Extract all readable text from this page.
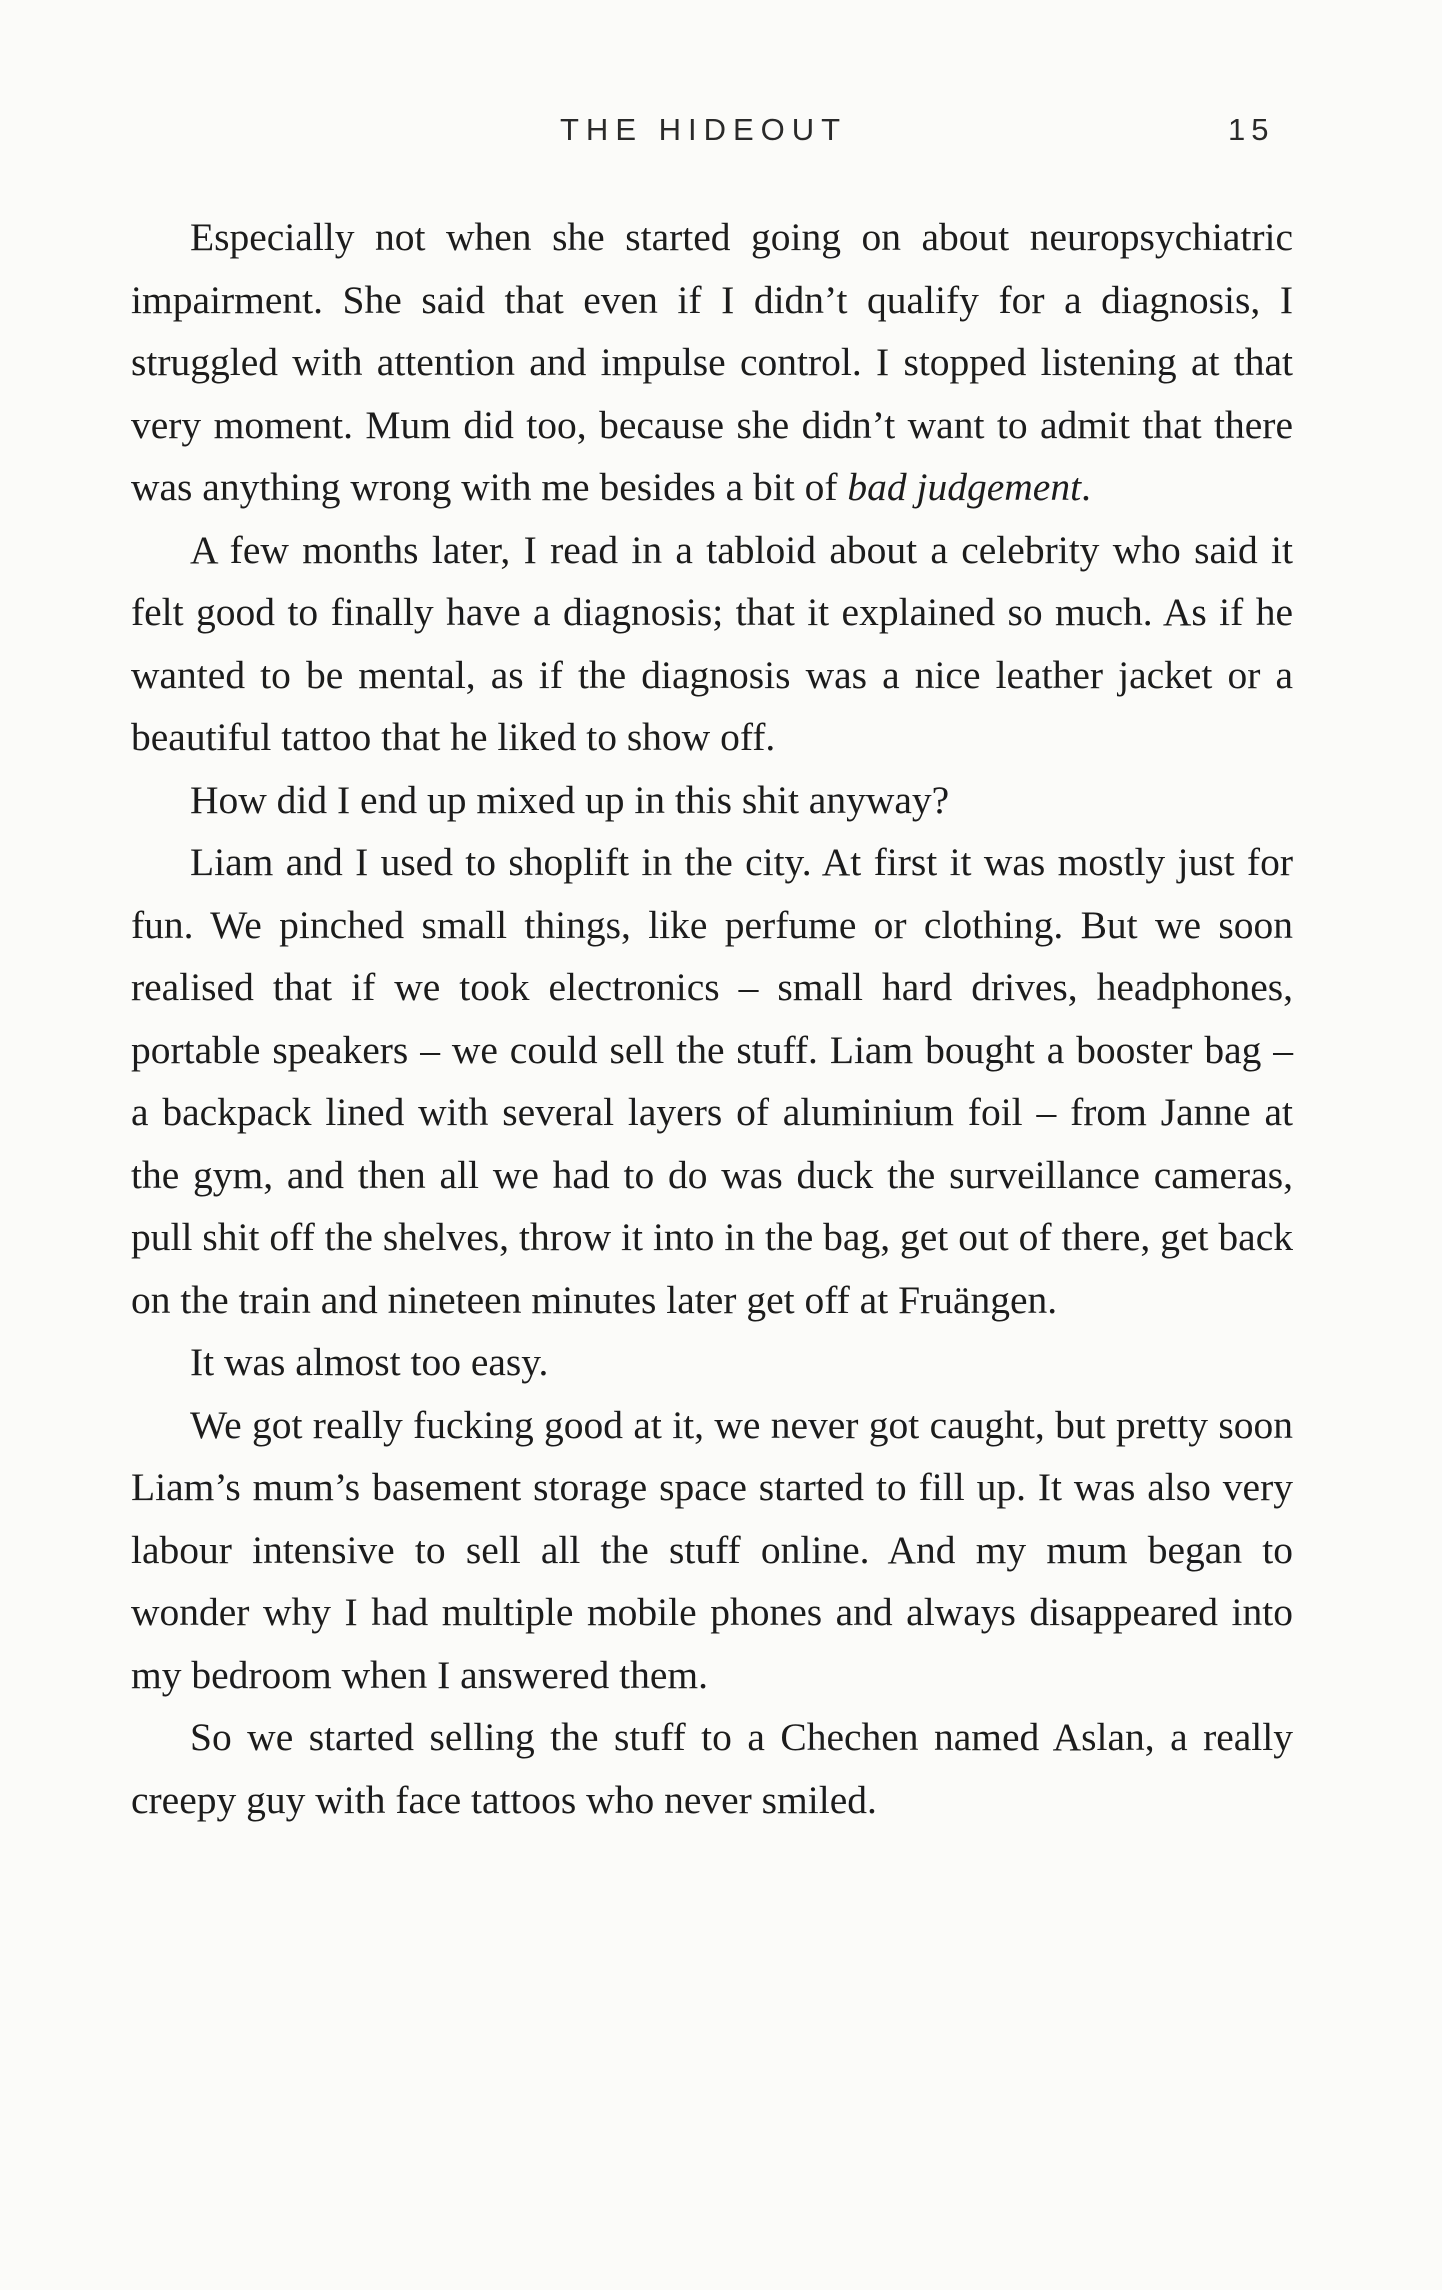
THE HIDEOUT	15

Especially not when she started going on about neuropsychiatric impairment. She said that even if I didn’t qualify for a diagnosis, I struggled with attention and impulse control. I stopped listening at that very moment. Mum did too, because she didn’t want to admit that there was anything wrong with me besides a bit of bad judgement.

A few months later, I read in a tabloid about a celebrity who said it felt good to finally have a diagnosis; that it explained so much. As if he wanted to be mental, as if the diagnosis was a nice leather jacket or a beautiful tattoo that he liked to show off.

How did I end up mixed up in this shit anyway?

Liam and I used to shoplift in the city. At first it was mostly just for fun. We pinched small things, like perfume or clothing. But we soon realised that if we took electronics – small hard drives, headphones, portable speakers – we could sell the stuff. Liam bought a booster bag – a backpack lined with several layers of aluminium foil – from Janne at the gym, and then all we had to do was duck the surveillance cameras, pull shit off the shelves, throw it into in the bag, get out of there, get back on the train and nineteen minutes later get off at Fruängen.

It was almost too easy.

We got really fucking good at it, we never got caught, but pretty soon Liam’s mum’s basement storage space started to fill up. It was also very labour intensive to sell all the stuff online. And my mum began to wonder why I had multiple mobile phones and always disappeared into my bedroom when I answered them.

So we started selling the stuff to a Chechen named Aslan, a really creepy guy with face tattoos who never smiled.
